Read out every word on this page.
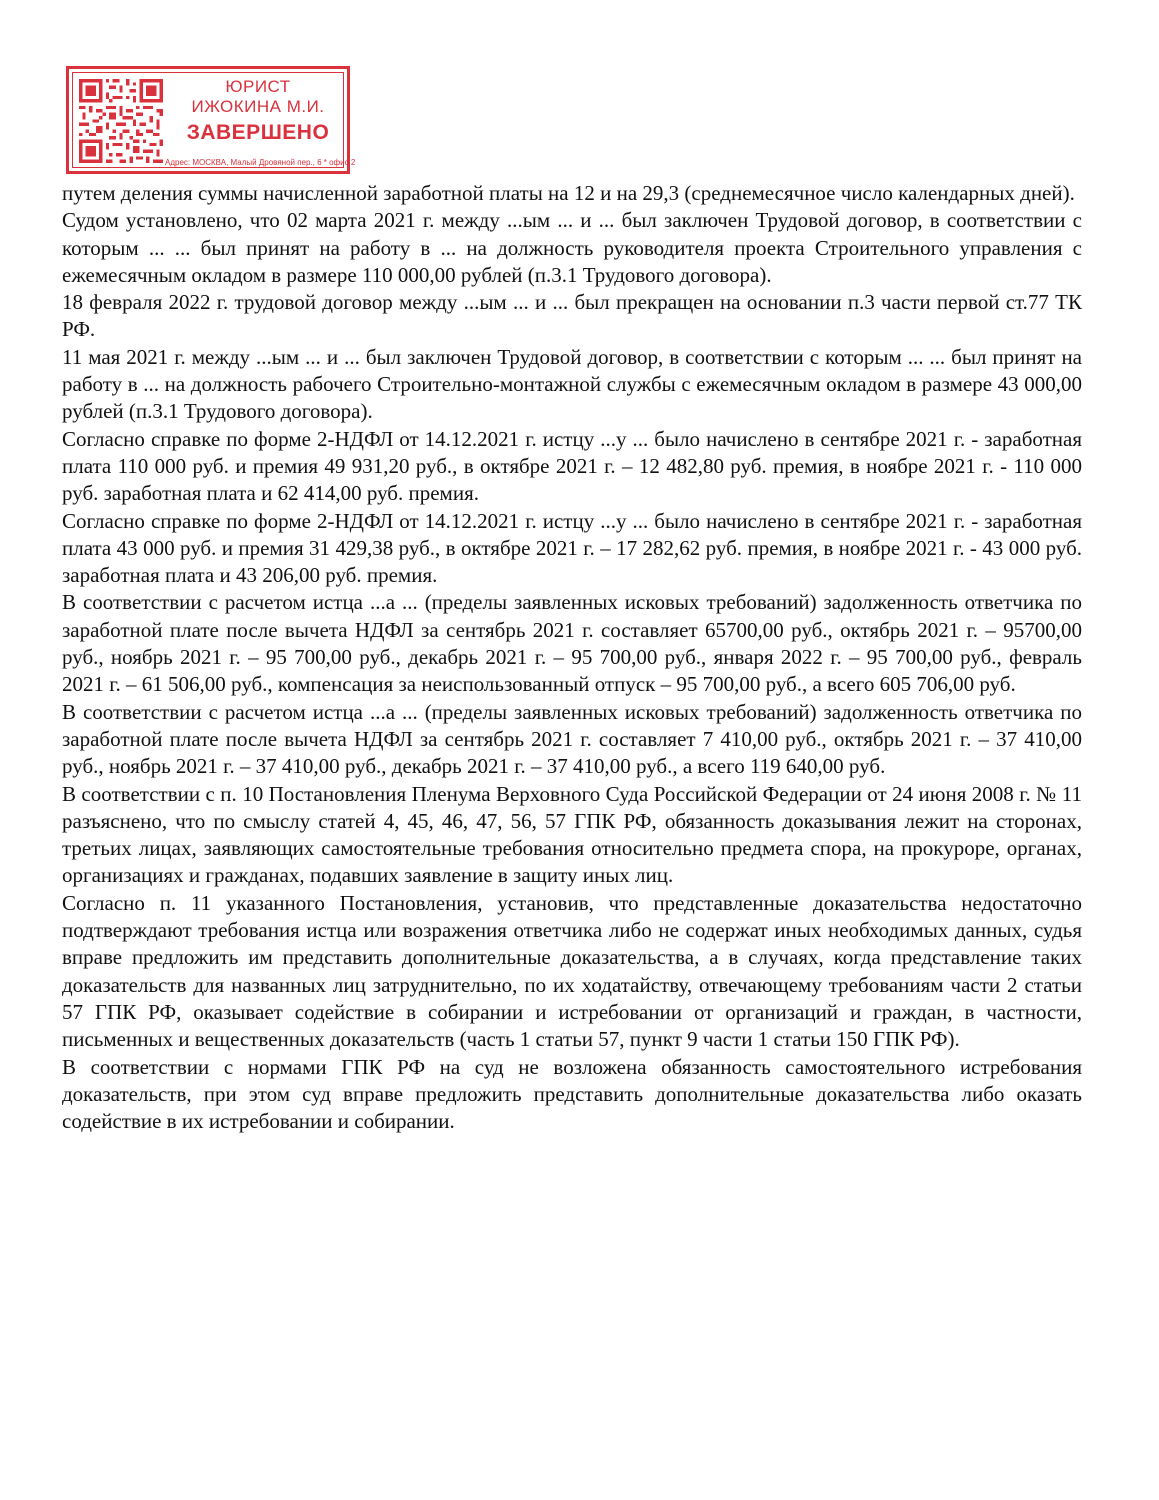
ЮРИСТ
ИЖОКИНА М.И.
ЗАВЕРШЕНО
Адрес: МОСКВА, Малый Дровяной пер., 6 * офис 2

путем деления суммы начисленной заработной платы на 12 и на 29,3 (среднемесячное число календарных дней).

Судом установлено, что 02 марта 2021 г. между ...ым ... и ... был заключен Трудовой договор, в соответствии с которым ... ... был принят на работу в ... на должность руководителя проекта Строительного управления с ежемесячным окладом в размере 110 000,00 рублей (п.3.1 Трудового договора).

18 февраля 2022 г. трудовой договор между ...ым ... и ... был прекращен на основании п.3 части первой ст.77 ТК РФ.

11 мая 2021 г. между ...ым ... и ... был заключен Трудовой договор, в соответствии с которым ... ... был принят на работу в ... на должность рабочего Строительно-монтажной службы с ежемесячным окладом в размере 43 000,00 рублей (п.3.1 Трудового договора).

Согласно справке по форме 2-НДФЛ от 14.12.2021 г. истцу ...у ... было начислено в сентябре 2021 г. - заработная плата 110 000 руб. и премия 49 931,20 руб., в октябре 2021 г. – 12 482,80 руб. премия, в ноябре 2021 г. - 110 000 руб. заработная плата и 62 414,00 руб. премия.

Согласно справке по форме 2-НДФЛ от 14.12.2021 г. истцу ...у ... было начислено в сентябре 2021 г. - заработная плата 43 000 руб. и премия 31 429,38 руб., в октябре 2021 г. – 17 282,62 руб. премия, в ноябре 2021 г. - 43 000 руб. заработная плата и 43 206,00 руб. премия.

В соответствии с расчетом истца ...а ... (пределы заявленных исковых требований) задолженность ответчика по заработной плате после вычета НДФЛ за сентябрь 2021 г. составляет 65700,00 руб., октябрь 2021 г. – 95700,00 руб., ноябрь 2021 г. – 95 700,00 руб., декабрь 2021 г. – 95 700,00 руб., января 2022 г. – 95 700,00 руб., февраль 2021 г. – 61 506,00 руб., компенсация за неиспользованный отпуск – 95 700,00 руб., а всего 605 706,00 руб.

В соответствии с расчетом истца ...а ... (пределы заявленных исковых требований) задолженность ответчика по заработной плате после вычета НДФЛ за сентябрь 2021 г. составляет 7 410,00 руб., октябрь 2021 г. – 37 410,00 руб., ноябрь 2021 г. – 37 410,00 руб., декабрь 2021 г. – 37 410,00 руб., а всего 119 640,00 руб.

В соответствии с п. 10 Постановления Пленума Верховного Суда Российской Федерации от 24 июня 2008 г. № 11 разъяснено, что по смыслу статей 4, 45, 46, 47, 56, 57 ГПК РФ, обязанность доказывания лежит на сторонах, третьих лицах, заявляющих самостоятельные требования относительно предмета спора, на прокуроре, органах, организациях и гражданах, подавших заявление в защиту иных лиц.

Согласно п. 11 указанного Постановления, установив, что представленные доказательства недостаточно подтверждают требования истца или возражения ответчика либо не содержат иных необходимых данных, судья вправе предложить им представить дополнительные доказательства, а в случаях, когда представление таких доказательств для названных лиц затруднительно, по их ходатайству, отвечающему требованиям части 2 статьи 57 ГПК РФ, оказывает содействие в собирании и истребовании от организаций и граждан, в частности, письменных и вещественных доказательств (часть 1 статьи 57, пункт 9 части 1 статьи 150 ГПК РФ).

В соответствии с нормами ГПК РФ на суд не возложена обязанность самостоятельного истребования доказательств, при этом суд вправе предложить представить дополнительные доказательства либо оказать содействие в их истребовании и собирании.
